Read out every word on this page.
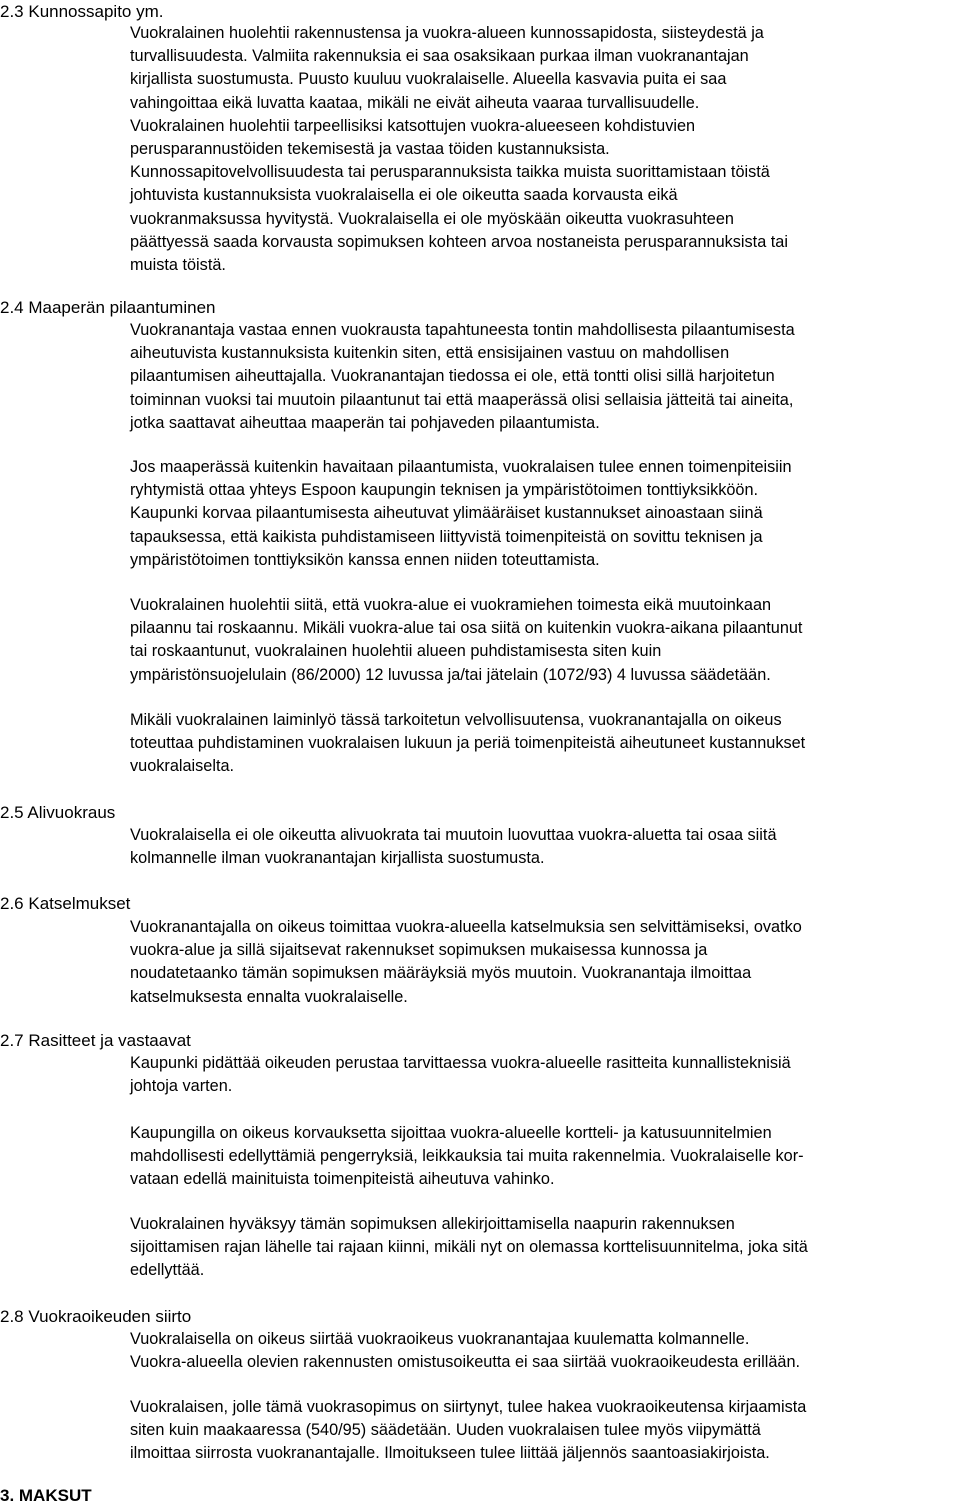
2.3 Kunnossapito ym.
Vuokralainen huolehtii rakennustensa ja vuokra-alueen kunnossapidosta, siisteydestä ja
turvallisuudesta. Valmiita rakennuksia ei saa osaksikaan purkaa ilman vuokranantajan
kirjallista suostumusta. Puusto kuuluu vuokralaiselle. Alueella kasvavia puita ei saa
vahingoittaa eikä luvatta kaataa, mikäli ne eivät aiheuta vaaraa turvallisuudelle.
Vuokralainen huolehtii tarpeellisiksi katsottujen vuokra-alueeseen kohdistuvien
perusparannustöiden tekemisestä ja vastaa töiden kustannuksista.
Kunnossapitovelvollisuudesta tai perusparannuksista taikka muista suorittamistaan töistä
johtuvista kustannuksista vuokralaisella ei ole oikeutta saada korvausta eikä
vuokranmaksussa hyvitystä. Vuokralaisella ei ole myöskään oikeutta vuokrasuhteen
päättyessä saada korvausta sopimuksen kohteen arvoa nostaneista perusparannuksista tai
muista töistä.
2.4 Maaperän pilaantuminen
Vuokranantaja vastaa ennen vuokrausta tapahtuneesta tontin mahdollisesta pilaantumisesta
aiheutuvista kustannuksista kuitenkin siten, että ensisijainen vastuu on mahdollisen
pilaantumisen aiheuttajalla. Vuokranantajan tiedossa ei ole, että tontti olisi sillä harjoitetun
toiminnan vuoksi tai muutoin pilaantunut tai että maaperässä olisi sellaisia jätteitä tai aineita,
jotka saattavat aiheuttaa maaperän tai pohjaveden pilaantumista.
Jos maaperässä kuitenkin havaitaan pilaantumista, vuokralaisen tulee ennen toimenpiteisiin
ryhtymistä ottaa yhteys Espoon kaupungin teknisen ja ympäristötoimen tonttiyksikköön.
Kaupunki korvaa pilaantumisesta aiheutuvat ylimääräiset kustannukset ainoastaan siinä
tapauksessa, että kaikista puhdistamiseen liittyvistä toimenpiteistä on sovittu teknisen ja
ympäristötoimen tonttiyksikön kanssa ennen niiden toteuttamista.
Vuokralainen huolehtii siitä, että vuokra-alue ei vuokramiehen toimesta eikä muutoinkaan
pilaannu tai roskaannu. Mikäli vuokra-alue tai osa siitä on kuitenkin vuokra-aikana pilaantunut
tai roskaantunut, vuokralainen huolehtii alueen puhdistamisesta siten kuin
ympäristönsuojelulain (86/2000) 12 luvussa ja/tai jätelain (1072/93) 4 luvussa säädetään.
Mikäli vuokralainen laiminlyö tässä tarkoitetun velvollisuutensa, vuokranantajalla on oikeus
toteuttaa puhdistaminen vuokralaisen lukuun ja periä toimenpiteistä aiheutuneet kustannukset
vuokralaiselta.
2.5 Alivuokraus
Vuokralaisella ei ole oikeutta alivuokrata tai muutoin luovuttaa vuokra-aluetta tai osaa siitä
kolmannelle ilman vuokranantajan kirjallista suostumusta.
2.6 Katselmukset
Vuokranantajalla on oikeus toimittaa vuokra-alueella katselmuksia sen selvittämiseksi, ovatko
vuokra-alue ja sillä sijaitsevat rakennukset sopimuksen mukaisessa kunnossa ja
noudatetaanko tämän sopimuksen määräyksiä myös muutoin. Vuokranantaja ilmoittaa
katselmuksesta ennalta vuokralaiselle.
2.7 Rasitteet ja vastaavat
Kaupunki pidättää oikeuden perustaa tarvittaessa vuokra-alueelle rasitteita kunnallisteknisiä
johtoja varten.
Kaupungilla on oikeus korvauksetta sijoittaa vuokra-alueelle kortteli- ja katusuunnitelmien
mahdollisesti edellyttämiä pengerryksiä, leikkauksia tai muita rakennelmia. Vuokralaiselle kor-
vataan edellä mainituista toimenpiteistä aiheutuva vahinko.
Vuokralainen hyväksyy tämän sopimuksen allekirjoittamisella naapurin rakennuksen
sijoittamisen rajan lähelle tai rajaan kiinni, mikäli nyt on olemassa korttelisuunnitelma, joka sitä
edellyttää.
2.8 Vuokraoikeuden siirto
Vuokralaisella on oikeus siirtää vuokraoikeus vuokranantajaa kuulematta kolmannelle.
Vuokra-alueella olevien rakennusten omistusoikeutta ei saa siirtää vuokraoikeudesta erillään.
Vuokralaisen, jolle tämä vuokrasopimus on siirtynyt, tulee hakea vuokraoikeutensa kirjaamista
siten kuin maakaaressa (540/95) säädetään. Uuden vuokralaisen tulee myös viipymättä
ilmoittaa siirrosta vuokranantajalle. Ilmoitukseen tulee liittää jäljennös saantoasiakirjoista.
3. MAKSUT
